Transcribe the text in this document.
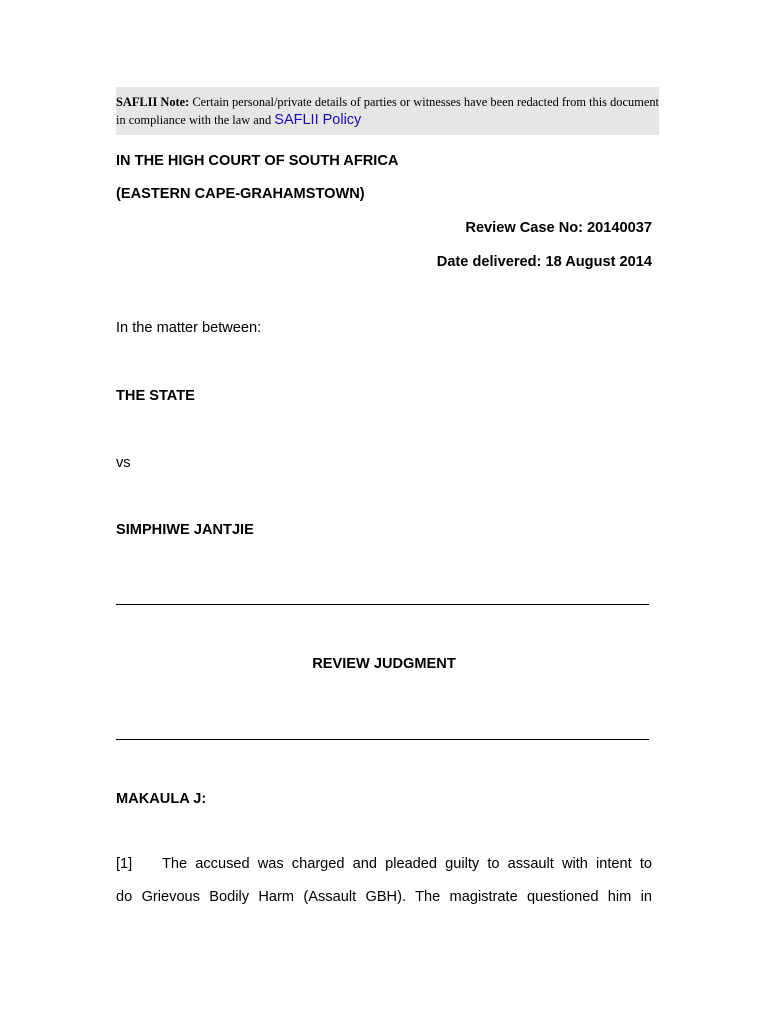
SAFLII Note: Certain personal/private details of parties or witnesses have been redacted from this document in compliance with the law and SAFLII Policy
IN THE HIGH COURT OF SOUTH AFRICA
(EASTERN CAPE-GRAHAMSTOWN)
Review Case No: 20140037
Date delivered: 18 August 2014
In the matter between:
THE STATE
vs
SIMPHIWE JANTJIE
REVIEW JUDGMENT
MAKAULA J:
[1] The accused was charged and pleaded guilty to assault with intent to
do Grievous Bodily Harm (Assault GBH). The magistrate questioned him in
